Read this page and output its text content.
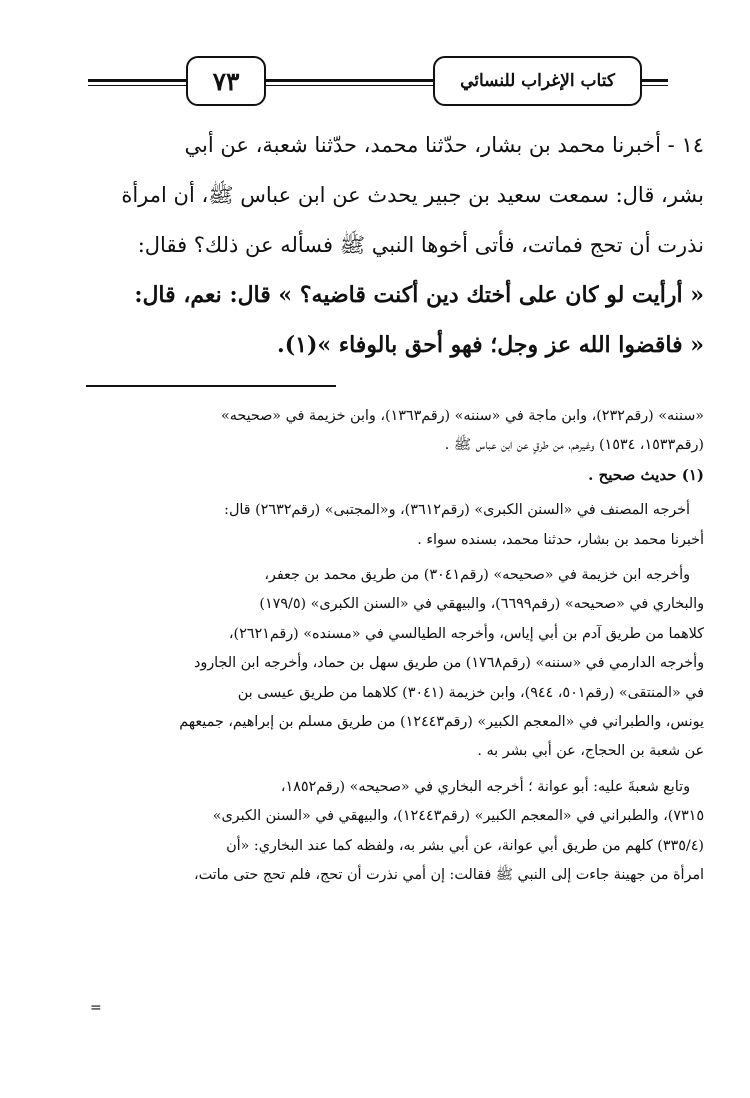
٧٣	كتاب الإغراب للنسائي

١٤ - أخبرنا محمد بن بشار، حدّثنا محمد، حدّثنا شعبة، عن أبي

بشر، قال: سمعت سعيد بن جبير يحدث عن ابن عباس ﷺ، أن امرأة

نذرت أن تحج فماتت، فأتى أخوها النبي ﷺ فسأله عن ذلك؟ فقال:

« أرأيت لو كان على أختك دين أكنت قاضيه؟ » قال: نعم، قال:

« فاقضوا الله عز وجل؛ فهو أحق بالوفاء »(١).

«سننه» (رقم٢٣٢)، وابن ماجة في «سننه» (رقم١٣٦٣)، وابن خزيمة في «صحيحه»

(رقم١٥٣٣، ١٥٣٤) وغيرهم، من طرقٍ عن ابن عباس ﷺ .

(١) حديث صحيح .

أخرجه المصنف في «السنن الكبرى» (رقم٣٦١٢)، و«المجتبى» (رقم٢٦٣٢) قال:

أخبرنا محمد بن بشار، حدثنا محمد، بسنده سواء .

وأخرجه ابن خزيمة في «صحيحه» (رقم٣٠٤١) من طريق محمد بن جعفر،

والبخاري في «صحيحه» (رقم٦٦٩٩)، والبيهقي في «السنن الكبرى» (١٧٩/٥)

كلاهما من طريق آدم بن أبي إياس، وأخرجه الطيالسي في «مسنده» (رقم٢٦٢١)،

وأخرجه الدارمي في «سننه» (رقم١٧٦٨) من طريق سهل بن حماد، وأخرجه ابن الجارود

في «المنتقى» (رقم٥٠١، ٩٤٤)، وابن خزيمة (٣٠٤١) كلاهما من طريق عيسى بن

يونس، والطبراني في «المعجم الكبير» (رقم١٢٤٤٣) من طريق مسلم بن إبراهيم، جميعهم

عن شعبة بن الحجاج، عن أبي بشر به .

وتابع شعبةَ عليه: أبو عوانة ؛ أخرجه البخاري في «صحيحه» (رقم١٨٥٢،

٧٣١٥)، والطبراني في «المعجم الكبير» (رقم١٢٤٤٣)، والبيهقي في «السنن الكبرى»

(٣٣٥/٤) كلهم من طريق أبي عوانة، عن أبي بشر به، ولفظه كما عند البخاري: «أن

امرأة من جهينة جاءت إلى النبي ﷺ فقالت: إن أمي نذرت أن تحج، فلم تحج حتى ماتت،

=
